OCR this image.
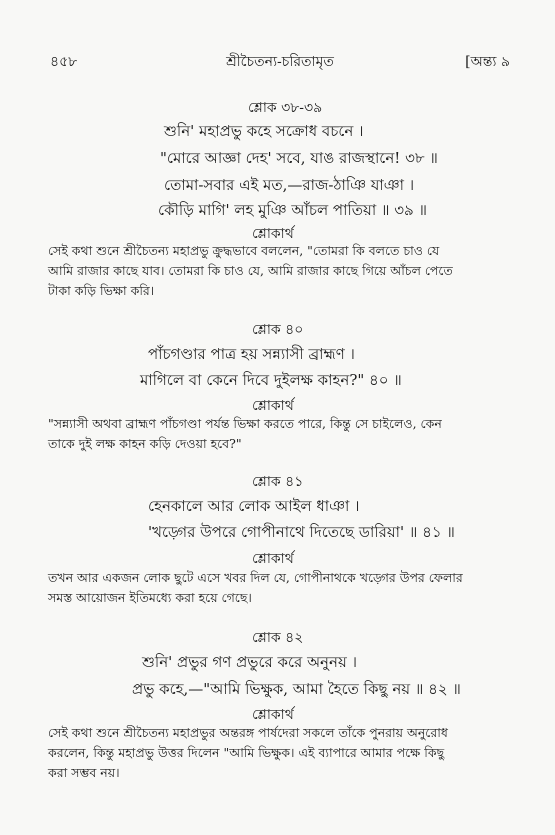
৪৫৮	শ্রীচৈতন্য-চরিতামৃত	[অন্ত্য ৯
শ্লোক ৩৮-৩৯
শুনি' মহাপ্রভু কহে সক্রোধ বচনে ।
"মোরে আজ্ঞা দেহ' সবে, যাঙ রাজস্থানে! ৩৮ ॥
তোমা-সবার এই মত,—রাজ-ঠাঞি যাঞা ।
কৌড়ি মাগি' লহ মুঞি আঁচল পাতিয়া ॥ ৩৯ ॥
শ্লোকার্থ
সেই কথা শুনে শ্রীচৈতন্য মহাপ্রভু ক্রুদ্ধভাবে বললেন, "তোমরা কি বলতে চাও যে
আমি রাজার কাছে যাব। তোমরা কি চাও যে, আমি রাজার কাছে গিয়ে আঁচল পেতে
টাকা কড়ি ভিক্ষা করি।
শ্লোক ৪০
পাঁচগণ্ডার পাত্র হয় সন্ন্যাসী ব্রাহ্মণ ।
মাগিলে বা কেনে দিবে দুইলক্ষ কাহন?" ৪০ ॥
শ্লোকার্থ
"সন্ন্যাসী অথবা ব্রাহ্মণ পাঁচগণ্ডা পর্যন্ত ভিক্ষা করতে পারে, কিন্তু সে চাইলেও, কেন
তাকে দুই লক্ষ কাহন কড়ি দেওয়া হবে?"
শ্লোক ৪১
হেনকালে আর লোক আইল ধাঞা ।
'খড়্গের উপরে গোপীনাথে দিতেছে ডারিয়া' ॥ ৪১ ॥
শ্লোকার্থ
তখন আর একজন লোক ছুটে এসে খবর দিল যে, গোপীনাথকে খড়্গের উপর ফেলার
সমস্ত আয়োজন ইতিমধ্যে করা হয়ে গেছে।
শ্লোক ৪২
শুনি' প্রভুর গণ প্রভুরে করে অনুনয় ।
প্রভু কহে,—"আমি ভিক্ষুক, আমা হৈতে কিছু নয় ॥ ৪২ ॥
শ্লোকার্থ
সেই কথা শুনে শ্রীচৈতন্য মহাপ্রভুর অন্তরঙ্গ পার্ষদেরা সকলে তাঁকে পুনরায় অনুরোধ
করলেন, কিন্তু মহাপ্রভু উত্তর দিলেন "আমি ভিক্ষুক। এই ব্যাপারে আমার পক্ষে কিছু
করা সম্ভব নয়।
